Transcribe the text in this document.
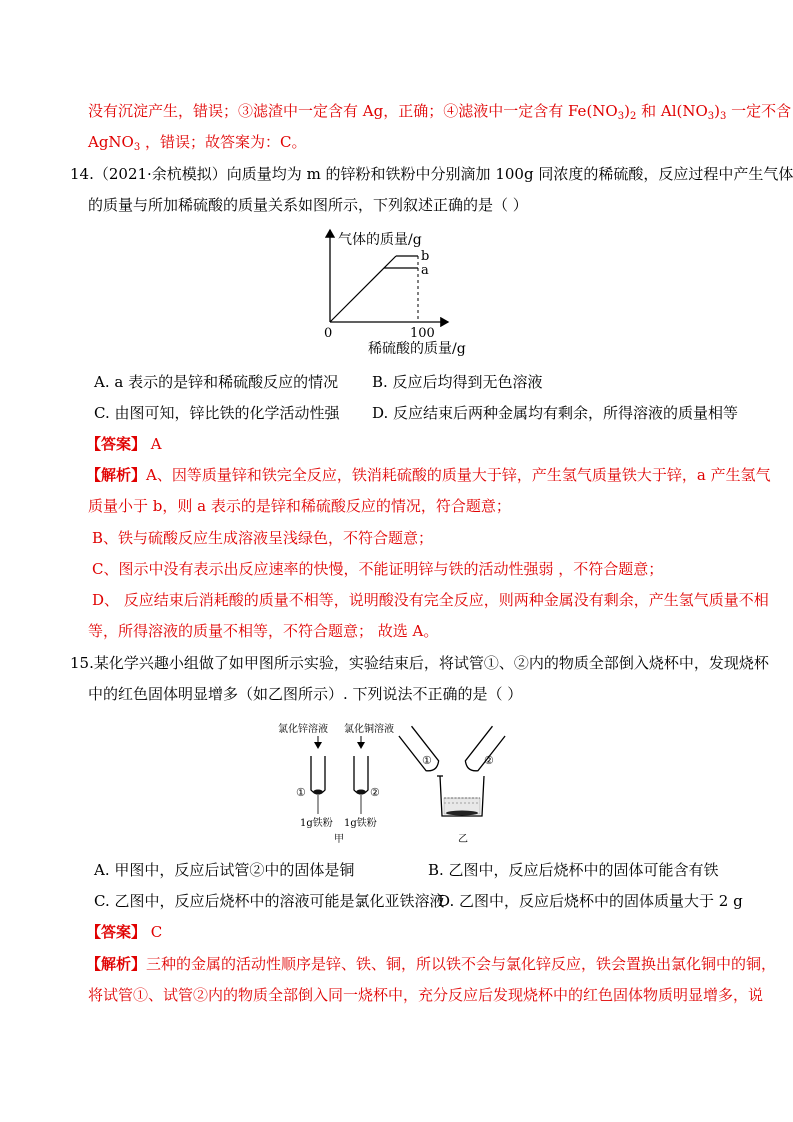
没有沉淀产生，错误；③滤渣中一定含有 Ag，正确；④滤液中一定含有 $Fe(NO_3)_2$ 和 $Al(NO_3)_3$ 一定不含
AgNO$_3$ ，错误；故答案为：C。
14.（2021·余杭模拟）向质量均为 m 的锌粉和铁粉中分别滴加 100g 同浓度的稀硫酸，反应过程中产生气体
的质量与所加稀硫酸的质量关系如图所示，下列叙述正确的是（ ）
气体的质量/g
b
a
0	100
稀硫酸的质量/g
A. a 表示的是锌和稀硫酸反应的情况 B. 反应后均得到无色溶液
C. 由图可知，锌比铁的化学活动性强 D. 反应结束后两种金属均有剩余，所得溶液的质量相等
【答案】 A
【解析】A、因等质量锌和铁完全反应，铁消耗硫酸的质量大于锌，产生氢气质量铁大于锌，a 产生氢气
质量小于 b，则 a 表示的是锌和稀硫酸反应的情况，符合题意；
B、铁与硫酸反应生成溶液呈浅绿色，不符合题意；
C、图示中没有表示出反应速率的快慢，不能证明锌与铁的活动性强弱 ，不符合题意；
D、 反应结束后消耗酸的质量不相等，说明酸没有完全反应，则两种金属没有剩余，产生氢气质量不相
等，所得溶液的质量不相等，不符合题意； 故选 A。
15.某化学兴趣小组做了如甲图所示实验，实验结束后，将试管①、②内的物质全部倒入烧杯中，发现烧杯
中的红色固体明显增多（如乙图所示）. 下列说法不正确的是（ ）
氯化锌溶液 氯化铜溶液
①	②
1g铁粉 1g铁粉
甲
①	②
乙
A. 甲图中，反应后试管②中的固体是铜	B. 乙图中，反应后烧杯中的固体可能含有铁
C. 乙图中，反应后烧杯中的溶液可能是氯化亚铁溶液
D. 乙图中，反应后烧杯中的固体质量大于 2 g
【答案】 C
【解析】三种的金属的活动性顺序是锌、铁、铜，所以铁不会与氯化锌反应，铁会置换出氯化铜中的铜，
将试管①、试管②内的物质全部倒入同一烧杯中，充分反应后发现烧杯中的红色固体物质明显增多，说
